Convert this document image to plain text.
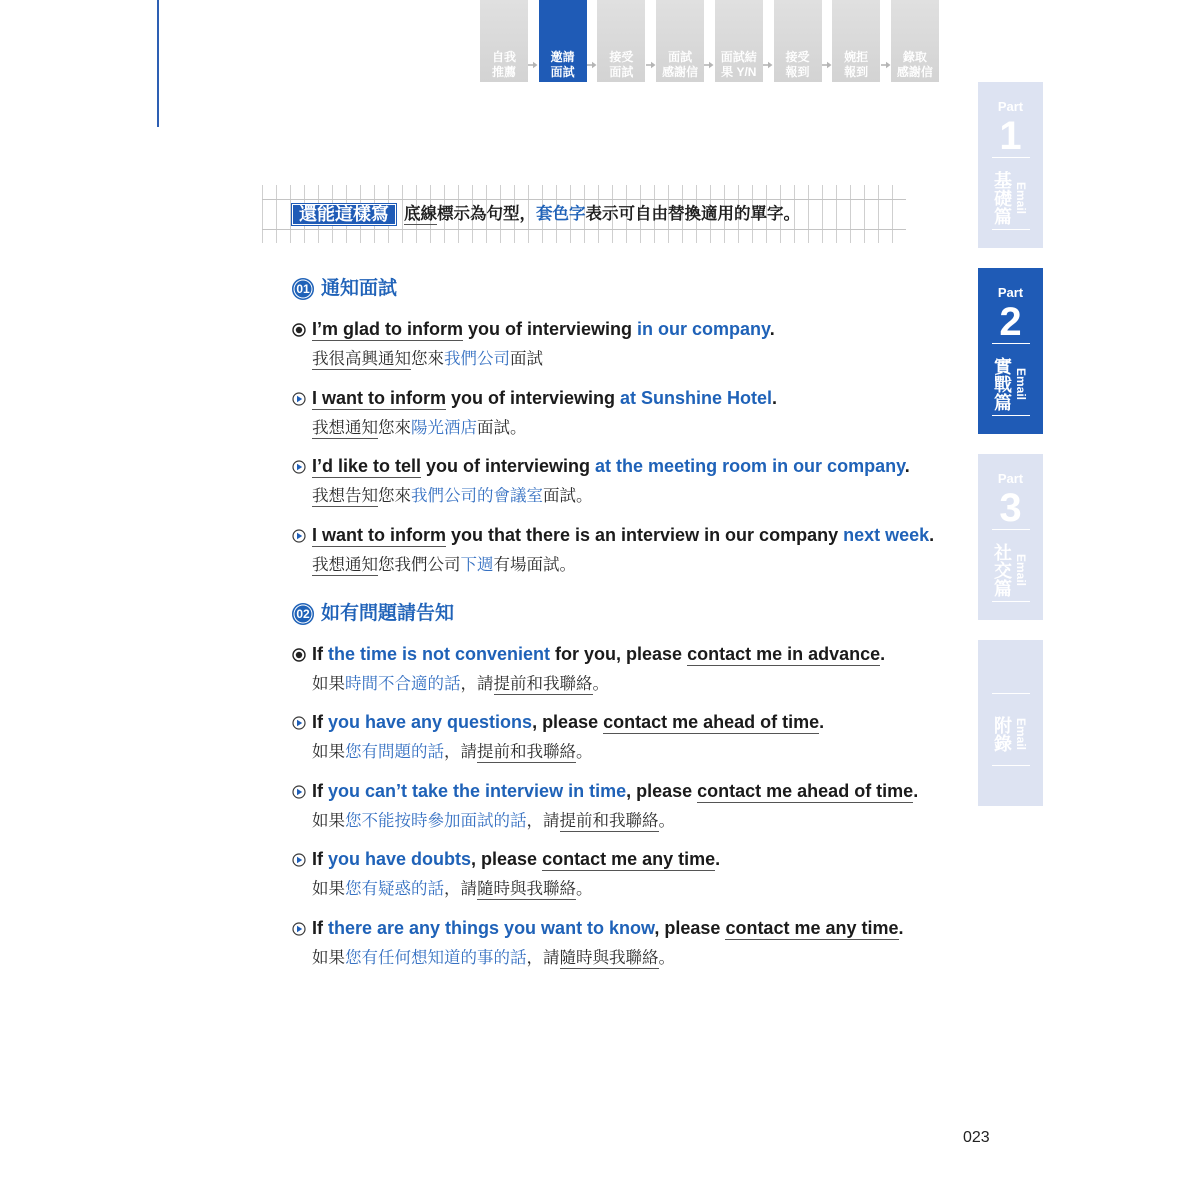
自我
推薦
邀請
面試
接受
面試
面試
感謝信
面試結
果 Y/N
接受
報到
婉拒
報到
錄取
感謝信
Part
1
基礎篇 Email
Part
2
實戰篇 Email
Part
3
社交篇 Email
附錄 Email
還能這樣寫 底線標示為句型，套色字表示可自由替換適用的單字。
01 通知面試
I’m glad to inform you of interviewing in our company.
我很高興通知您來我們公司面試
I want to inform you of interviewing at Sunshine Hotel.
我想通知您來陽光酒店面試。
I’d like to tell you of interviewing at the meeting room in our company.
我想告知您來我們公司的會議室面試。
I want to inform you that there is an interview in our company next week.
我想通知您我們公司下週有場面試。
02 如有問題請告知
If the time is not convenient for you, please contact me in advance.
如果時間不合適的話，請提前和我聯絡。
If you have any questions, please contact me ahead of time.
如果您有問題的話，請提前和我聯絡。
If you can’t take the interview in time, please contact me ahead of time.
如果您不能按時參加面試的話，請提前和我聯絡。
If you have doubts, please contact me any time.
如果您有疑惑的話，請隨時與我聯絡。
If there are any things you want to know, please contact me any time.
如果您有任何想知道的事的話，請隨時與我聯絡。
023
